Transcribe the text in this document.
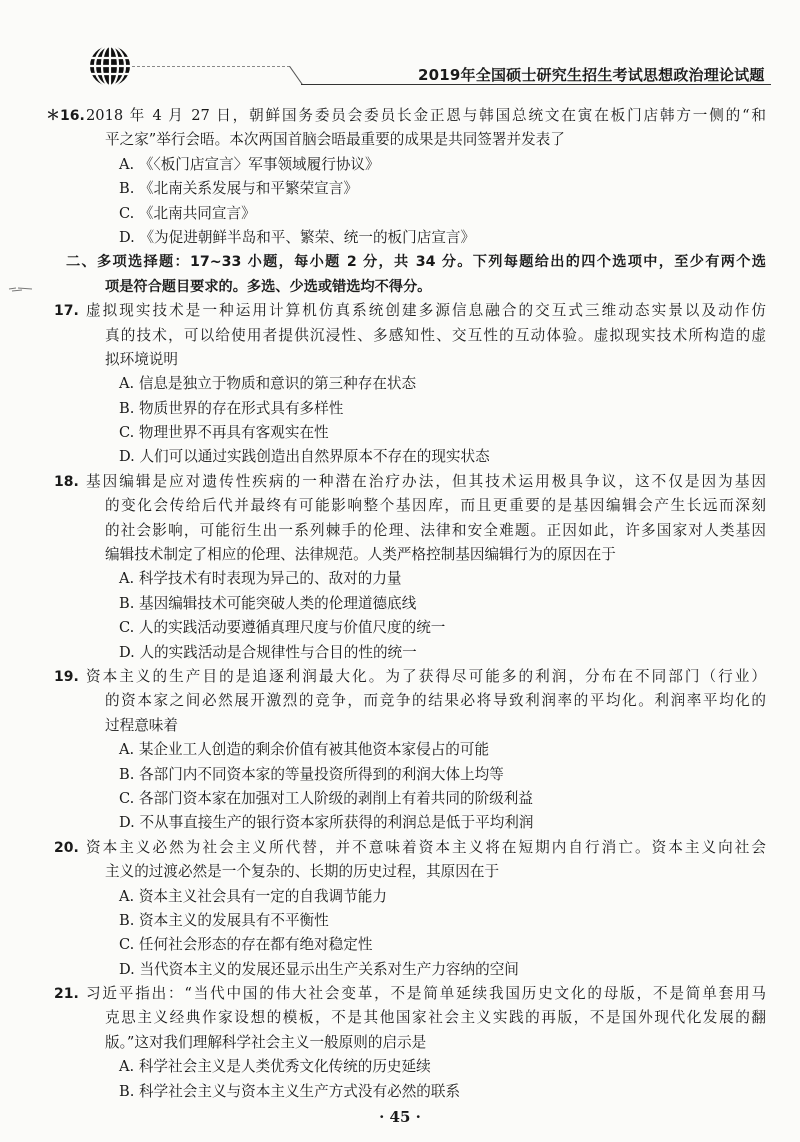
2019年全国硕士研究生招生考试思想政治理论试题
＊16. 2018 年 4 月 27 日，朝鲜国务委员会委员长金正恩与韩国总统文在寅在板门店韩方一侧的“和
平之家”举行会晤。本次两国首脑会晤最重要的成果是共同签署并发表了
A. 《〈板门店宣言〉军事领域履行协议》
B. 《北南关系发展与和平繁荣宣言》
C. 《北南共同宣言》
D. 《为促进朝鲜半岛和平、繁荣、统一的板门店宣言》
二、多项选择题：17~33 小题，每小题 2 分，共 34 分。下列每题给出的四个选项中，至少有两个选
项是符合题目要求的。多选、少选或错选均不得分。
17. 虚拟现实技术是一种运用计算机仿真系统创建多源信息融合的交互式三维动态实景以及动作仿
真的技术，可以给使用者提供沉浸性、多感知性、交互性的互动体验。虚拟现实技术所构造的虚
拟环境说明
A. 信息是独立于物质和意识的第三种存在状态
B. 物质世界的存在形式具有多样性
C. 物理世界不再具有客观实在性
D. 人们可以通过实践创造出自然界原本不存在的现实状态
18. 基因编辑是应对遗传性疾病的一种潜在治疗办法，但其技术运用极具争议，这不仅是因为基因
的变化会传给后代并最终有可能影响整个基因库，而且更重要的是基因编辑会产生长远而深刻
的社会影响，可能衍生出一系列棘手的伦理、法律和安全难题。正因如此，许多国家对人类基因
编辑技术制定了相应的伦理、法律规范。人类严格控制基因编辑行为的原因在于
A. 科学技术有时表现为异己的、敌对的力量
B. 基因编辑技术可能突破人类的伦理道德底线
C. 人的实践活动要遵循真理尺度与价值尺度的统一
D. 人的实践活动是合规律性与合目的性的统一
19. 资本主义的生产目的是追逐利润最大化。为了获得尽可能多的利润，分布在不同部门（行业）
的资本家之间必然展开激烈的竞争，而竞争的结果必将导致利润率的平均化。利润率平均化的
过程意味着
A. 某企业工人创造的剩余价值有被其他资本家侵占的可能
B. 各部门内不同资本家的等量投资所得到的利润大体上均等
C. 各部门资本家在加强对工人阶级的剥削上有着共同的阶级利益
D. 不从事直接生产的银行资本家所获得的利润总是低于平均利润
20. 资本主义必然为社会主义所代替，并不意味着资本主义将在短期内自行消亡。资本主义向社会
主义的过渡必然是一个复杂的、长期的历史过程，其原因在于
A. 资本主义社会具有一定的自我调节能力
B. 资本主义的发展具有不平衡性
C. 任何社会形态的存在都有绝对稳定性
D. 当代资本主义的发展还显示出生产关系对生产力容纳的空间
21. 习近平指出：“当代中国的伟大社会变革，不是简单延续我国历史文化的母版，不是简单套用马
克思主义经典作家设想的模板，不是其他国家社会主义实践的再版，不是国外现代化发展的翻
版。”这对我们理解科学社会主义一般原则的启示是
A. 科学社会主义是人类优秀文化传统的历史延续
B. 科学社会主义与资本主义生产方式没有必然的联系
· 45 ·
